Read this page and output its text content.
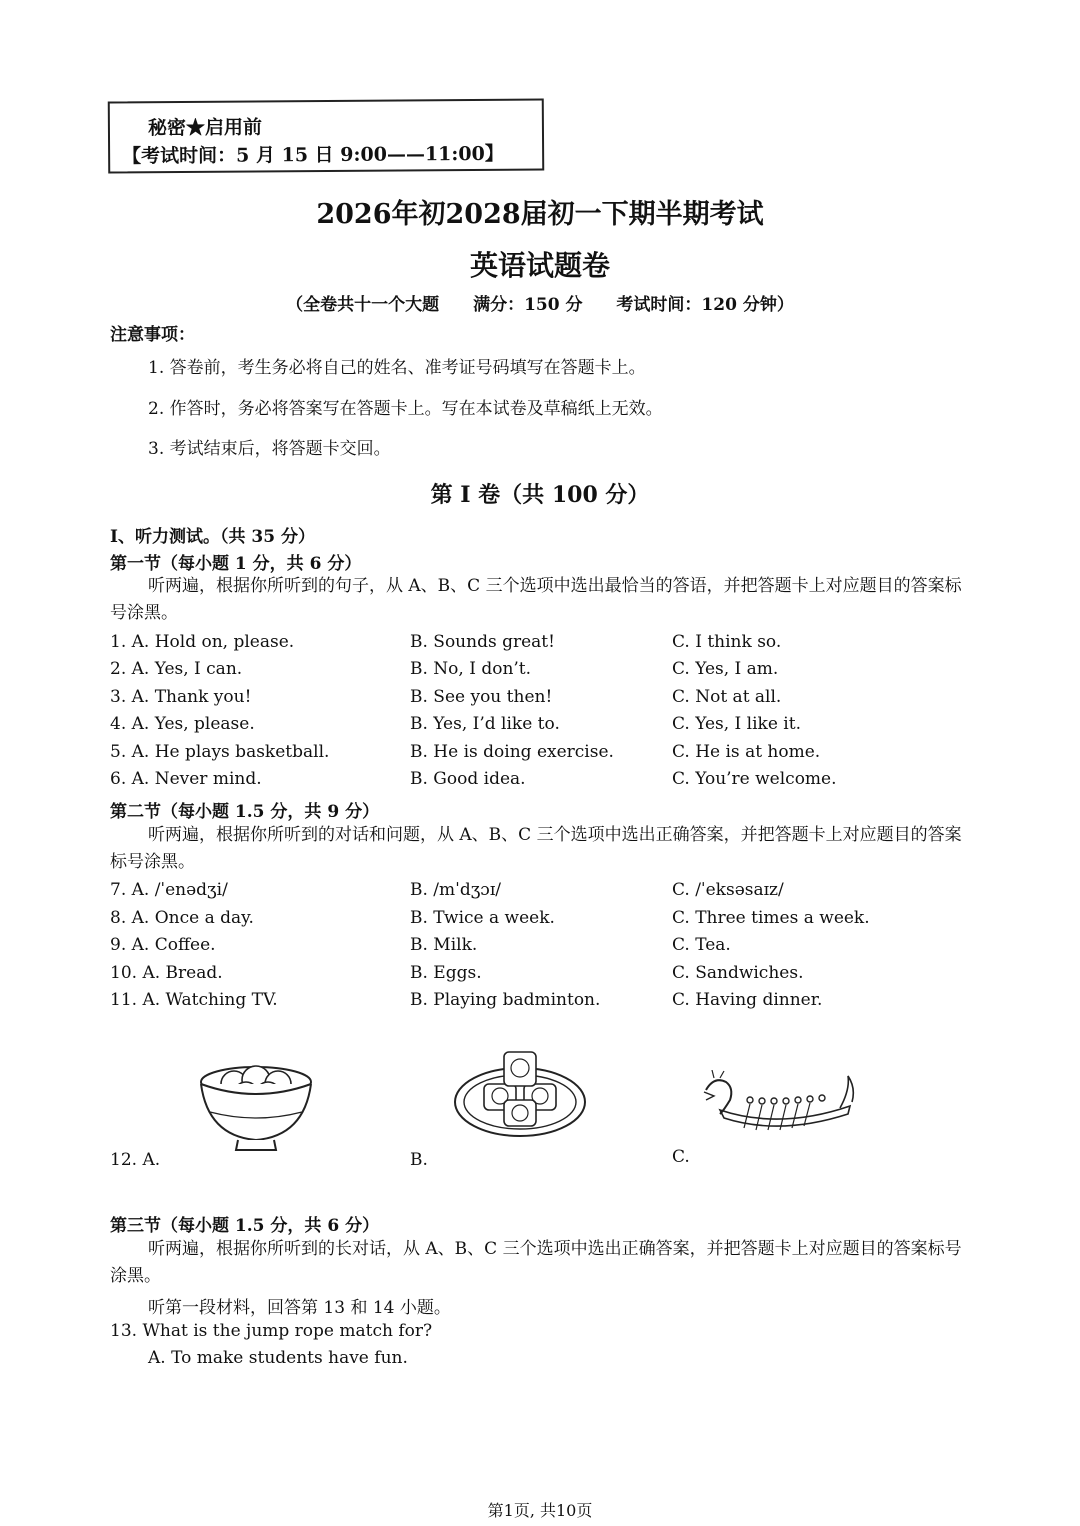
秘密★启用前
【考试时间：5 月 15 日 9:00——11:00】
2026年初2028届初一下期半期考试
英语试题卷
（全卷共十一个大题 满分：150 分 考试时间：120 分钟）
注意事项：
1. 答卷前，考生务必将自己的姓名、准考证号码填写在答题卡上。
2. 作答时，务必将答案写在答题卡上。写在本试卷及草稿纸上无效。
3. 考试结束后，将答题卡交回。
第 I 卷（共 100 分）
Ⅰ、听力测试。（共 35 分）
第一节（每小题 1 分，共 6 分）
听两遍，根据你所听到的句子，从 A、B、C 三个选项中选出最恰当的答语，并把答题卡上对应题目的答案标号涂黑。
1. A. Hold on, please.	B. Sounds great!	C. I think so.
2. A. Yes, I can.	B. No, I don’t.	C. Yes, I am.
3. A. Thank you!	B. See you then!	C. Not at all.
4. A. Yes, please.	B. Yes, I’d like to.	C. Yes, I like it.
5. A. He plays basketball.	B. He is doing exercise.	C. He is at home.
6. A. Never mind.	B. Good idea.	C. You’re welcome.
第二节（每小题 1.5 分，共 9 分）
听两遍，根据你所听到的对话和问题，从 A、B、C 三个选项中选出正确答案，并把答题卡上对应题目的答案标号涂黑。
7. A. /ˈenədʒi/	B. /mˈdʒɔɪ/	C. /ˈeksəsaɪz/
8. A. Once a day.	B. Twice a week.	C. Three times a week.
9. A. Coffee.	B. Milk.	C. Tea.
10. A. Bread.	B. Eggs.	C. Sandwiches.
11. A. Watching TV.	B. Playing badminton.	C. Having dinner.
12. A.	B.	C.
第三节（每小题 1.5 分，共 6 分）
听两遍，根据你所听到的长对话，从 A、B、C 三个选项中选出正确答案，并把答题卡上对应题目的答案标号涂黑。
听第一段材料，回答第 13 和 14 小题。
13. What is the jump rope match for?
A. To make students have fun.
第1页, 共10页
